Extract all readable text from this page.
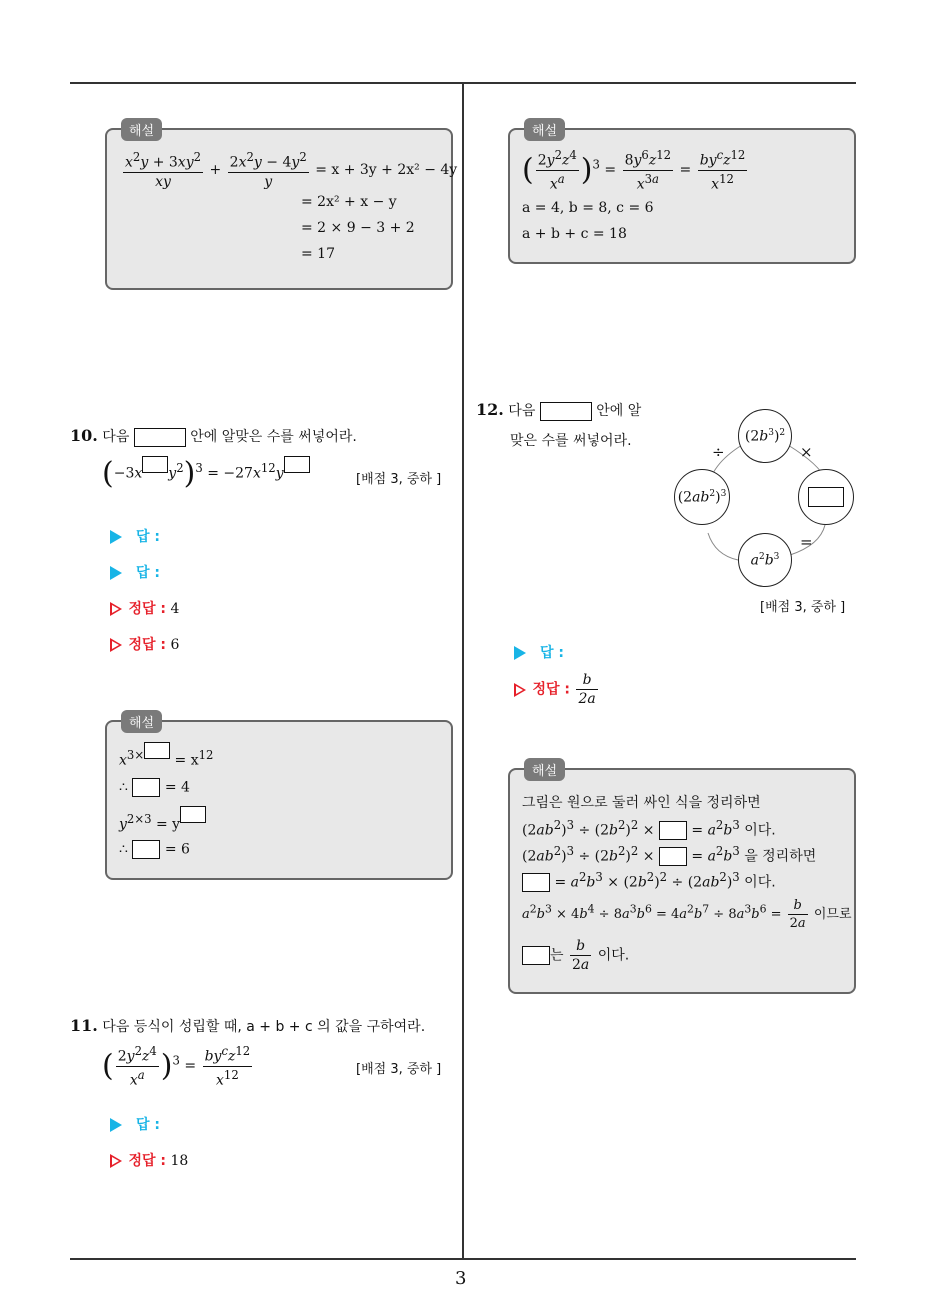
3
해설
$\frac{x^2y + 3xy^2}{xy} + \frac{2x^2y - 4y^2}{y} = x + 3y + 2x^2 - 4y$
= 2x² + x − y
= 2 × 9 − 3 + 2
= 17
10. 다음	안에 알맞은 수를 써넣어라.
(−3x $y^2)^3 = -27x^{12}y$	[배점 3, 중하 ]
답 :
답 :
정답 : 4
정답 : 6
해설
$x^{3\times} = x^{12}$
∴	= 4
$y^{2\times 3} = y$
∴	= 6
11. 다음 등식이 성립할 때, a + b + c 의 값을 구하여라.
( $\frac{2y^2z^4}{x^a} )^3 = \frac{by^cz^{12}}{x^{12}}$	[배점 3, 중하 ]
답 :
정답 : 18
해설
( $\frac{2y^2z^4}{x^a} )^3 = \frac{8y^6z^{12}}{x^{3a}} = \frac{by^cz^{12}}{x^{12}}$
a = 4, b = 8, c = 6
a + b + c = 18
12. 다음	안에 알
맞은 수를 써넣어라.	$(2b^3)^2$
$(2ab^2)^3$
$a^2b^3$
÷	×
=
[배점 3, 중하 ]
답 :
정답 : $\frac{b}{2a}$
해설
그림은 원으로 둘러 싸인 식을 정리하면
$(2ab^2)^3 \div (2b^2)^2$ ×  = $a^2b^3$ 이다.
$(2ab^2)^3 \div (2b^2)^2$ ×  = $a^2b^3$ 을 정리하면
= $a^2b^3 \times (2b^2)^2 \div (2ab^2)^3$ 이다.
$a^2b^3 \times 4b^4 \div 8a^3b^6 = 4a^2b^7 \div 8a^3b^6 = \frac{b}{2a}$ 이므로
는 $\frac{b}{2a}$ 이다.
